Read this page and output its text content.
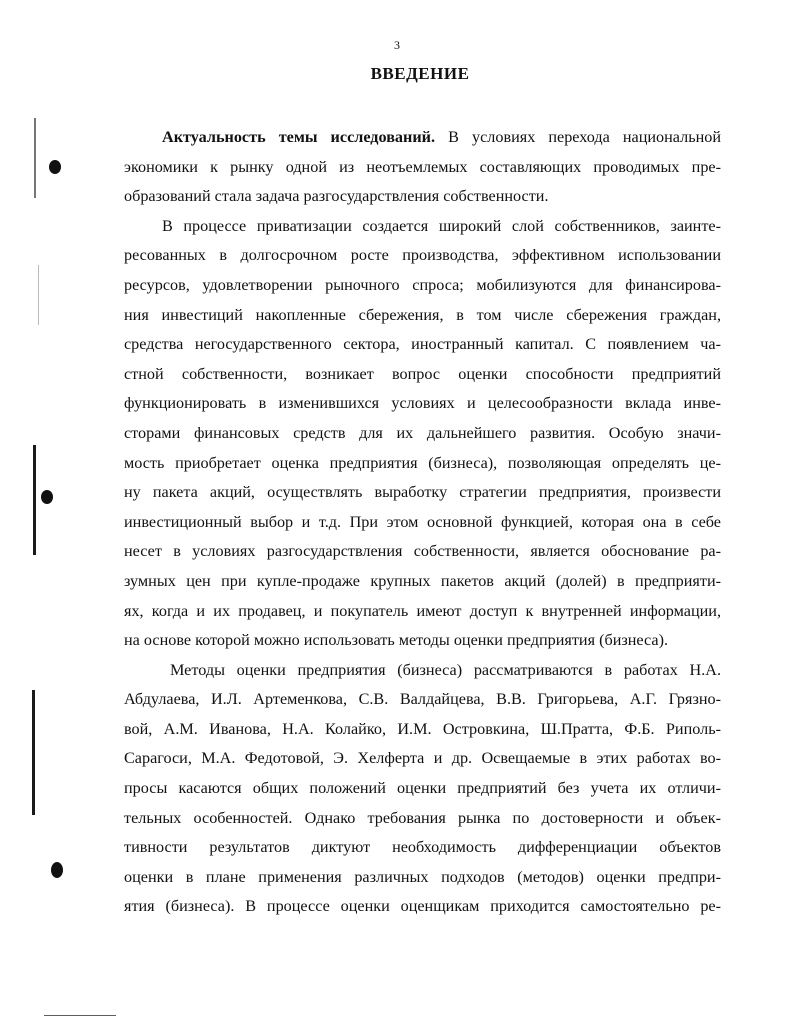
3
ВВЕДЕНИЕ
Актуальность темы исследований. В условиях перехода национальной
экономики к рынку одной из неотъемлемых составляющих проводимых пре-
образований стала задача разгосударствления собственности.
В процессе приватизации создается широкий слой собственников, заинте-
ресованных в долгосрочном росте производства, эффективном использовании
ресурсов, удовлетворении рыночного спроса; мобилизуются для финансирова-
ния инвестиций накопленные сбережения, в том числе сбережения граждан,
средства негосударственного сектора, иностранный капитал. С появлением ча-
стной собственности, возникает вопрос оценки способности предприятий
функционировать в изменившихся условиях и целесообразности вклада инве-
сторами финансовых средств для их дальнейшего развития. Особую значи-
мость приобретает оценка предприятия (бизнеса), позволяющая определять це-
ну пакета акций, осуществлять выработку стратегии предприятия, произвести
инвестиционный выбор и т.д. При этом основной функцией, которая она в себе
несет в условиях разгосударствления собственности, является обоснование ра-
зумных цен при купле-продаже крупных пакетов акций (долей) в предприяти-
ях, когда и их продавец, и покупатель имеют доступ к внутренней информации,
на основе которой можно использовать методы оценки предприятия (бизнеса).
Методы оценки предприятия (бизнеса) рассматриваются в работах Н.А.
Абдулаева, И.Л. Артеменкова, С.В. Валдайцева, В.В. Григорьева, А.Г. Грязно-
вой, А.М. Иванова, Н.А. Колайко, И.М. Островкина, Ш.Пратта, Ф.Б. Риполь-
Сарагоси, М.А. Федотовой, Э. Хелферта и др. Освещаемые в этих работах во-
просы касаются общих положений оценки предприятий без учета их отличи-
тельных особенностей. Однако требования рынка по достоверности и объек-
тивности результатов диктуют необходимость дифференциации объектов
оценки в плане применения различных подходов (методов) оценки предпри-
ятия (бизнеса). В процессе оценки оценщикам приходится самостоятельно ре-
